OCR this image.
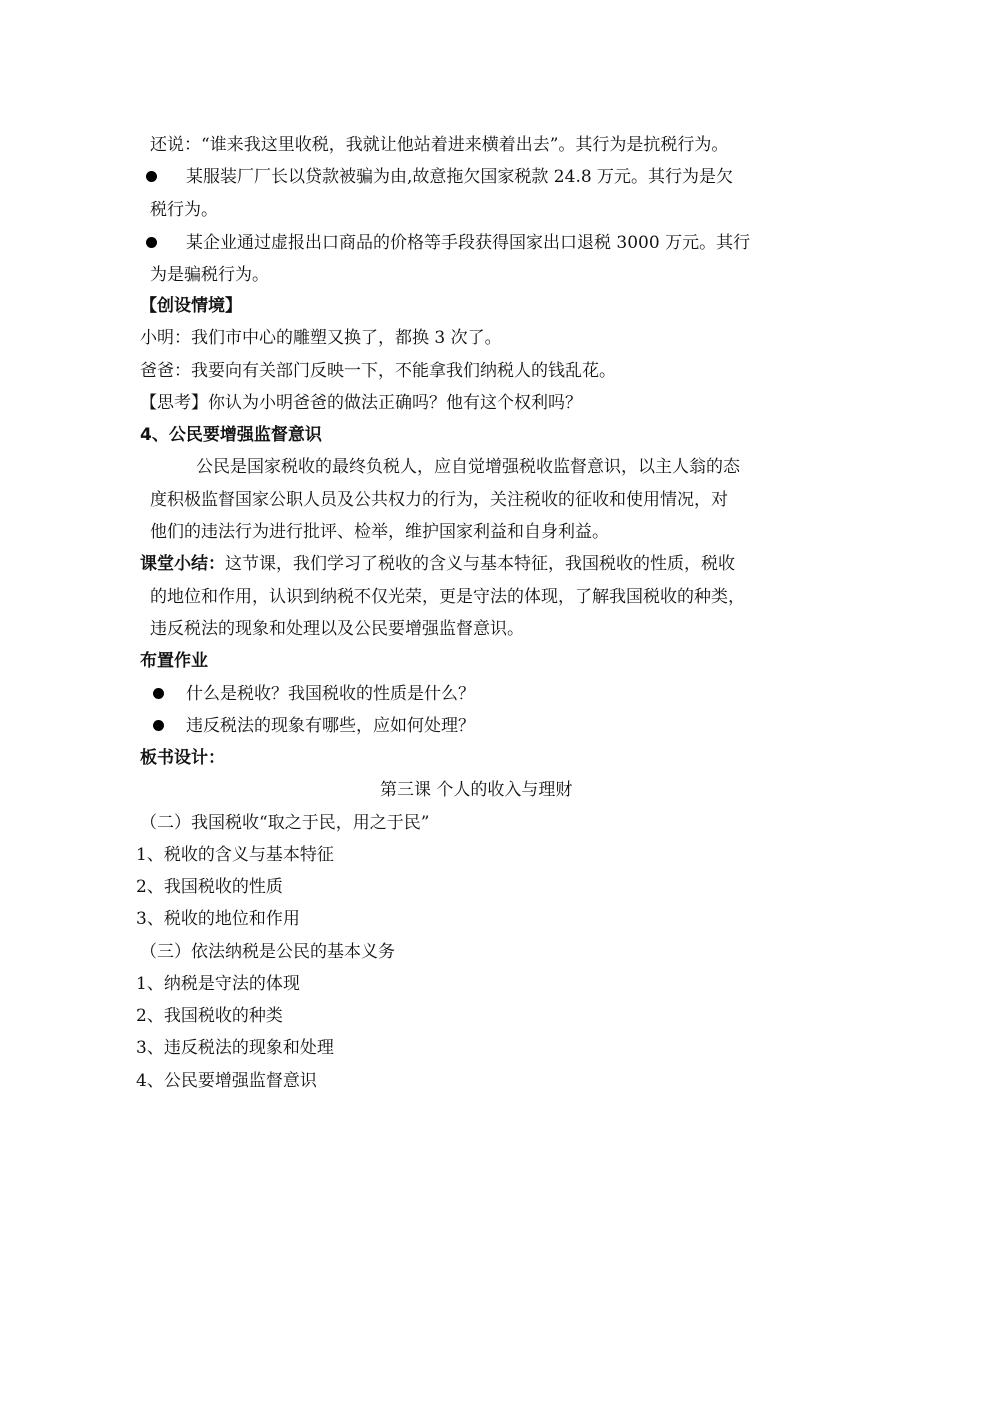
还说：“谁来我这里收税，我就让他站着进来横着出去”。其行为是抗税行为。
某服装厂厂长以贷款被骗为由,故意拖欠国家税款 24.8 万元。其行为是欠
税行为。
某企业通过虚报出口商品的价格等手段获得国家出口退税 3000 万元。其行
为是骗税行为。
【创设情境】
小明：我们市中心的雕塑又换了，都换 3 次了。
爸爸：我要向有关部门反映一下，不能拿我们纳税人的钱乱花。
【思考】你认为小明爸爸的做法正确吗？他有这个权利吗？
4、公民要增强监督意识
公民是国家税收的最终负税人，应自觉增强税收监督意识，以主人翁的态
度积极监督国家公职人员及公共权力的行为，关注税收的征收和使用情况，对
他们的违法行为进行批评、检举，维护国家利益和自身利益。
课堂小结：这节课，我们学习了税收的含义与基本特征，我国税收的性质，税收
的地位和作用，认识到纳税不仅光荣，更是守法的体现，了解我国税收的种类，
违反税法的现象和处理以及公民要增强监督意识。
布置作业
什么是税收？我国税收的性质是什么？
违反税法的现象有哪些，应如何处理？
板书设计：
第三课 个人的收入与理财
（二）我国税收“取之于民，用之于民”
1、税收的含义与基本特征
2、我国税收的性质
3、税收的地位和作用
（三）依法纳税是公民的基本义务
1、纳税是守法的体现
2、我国税收的种类
3、违反税法的现象和处理
4、公民要增强监督意识
